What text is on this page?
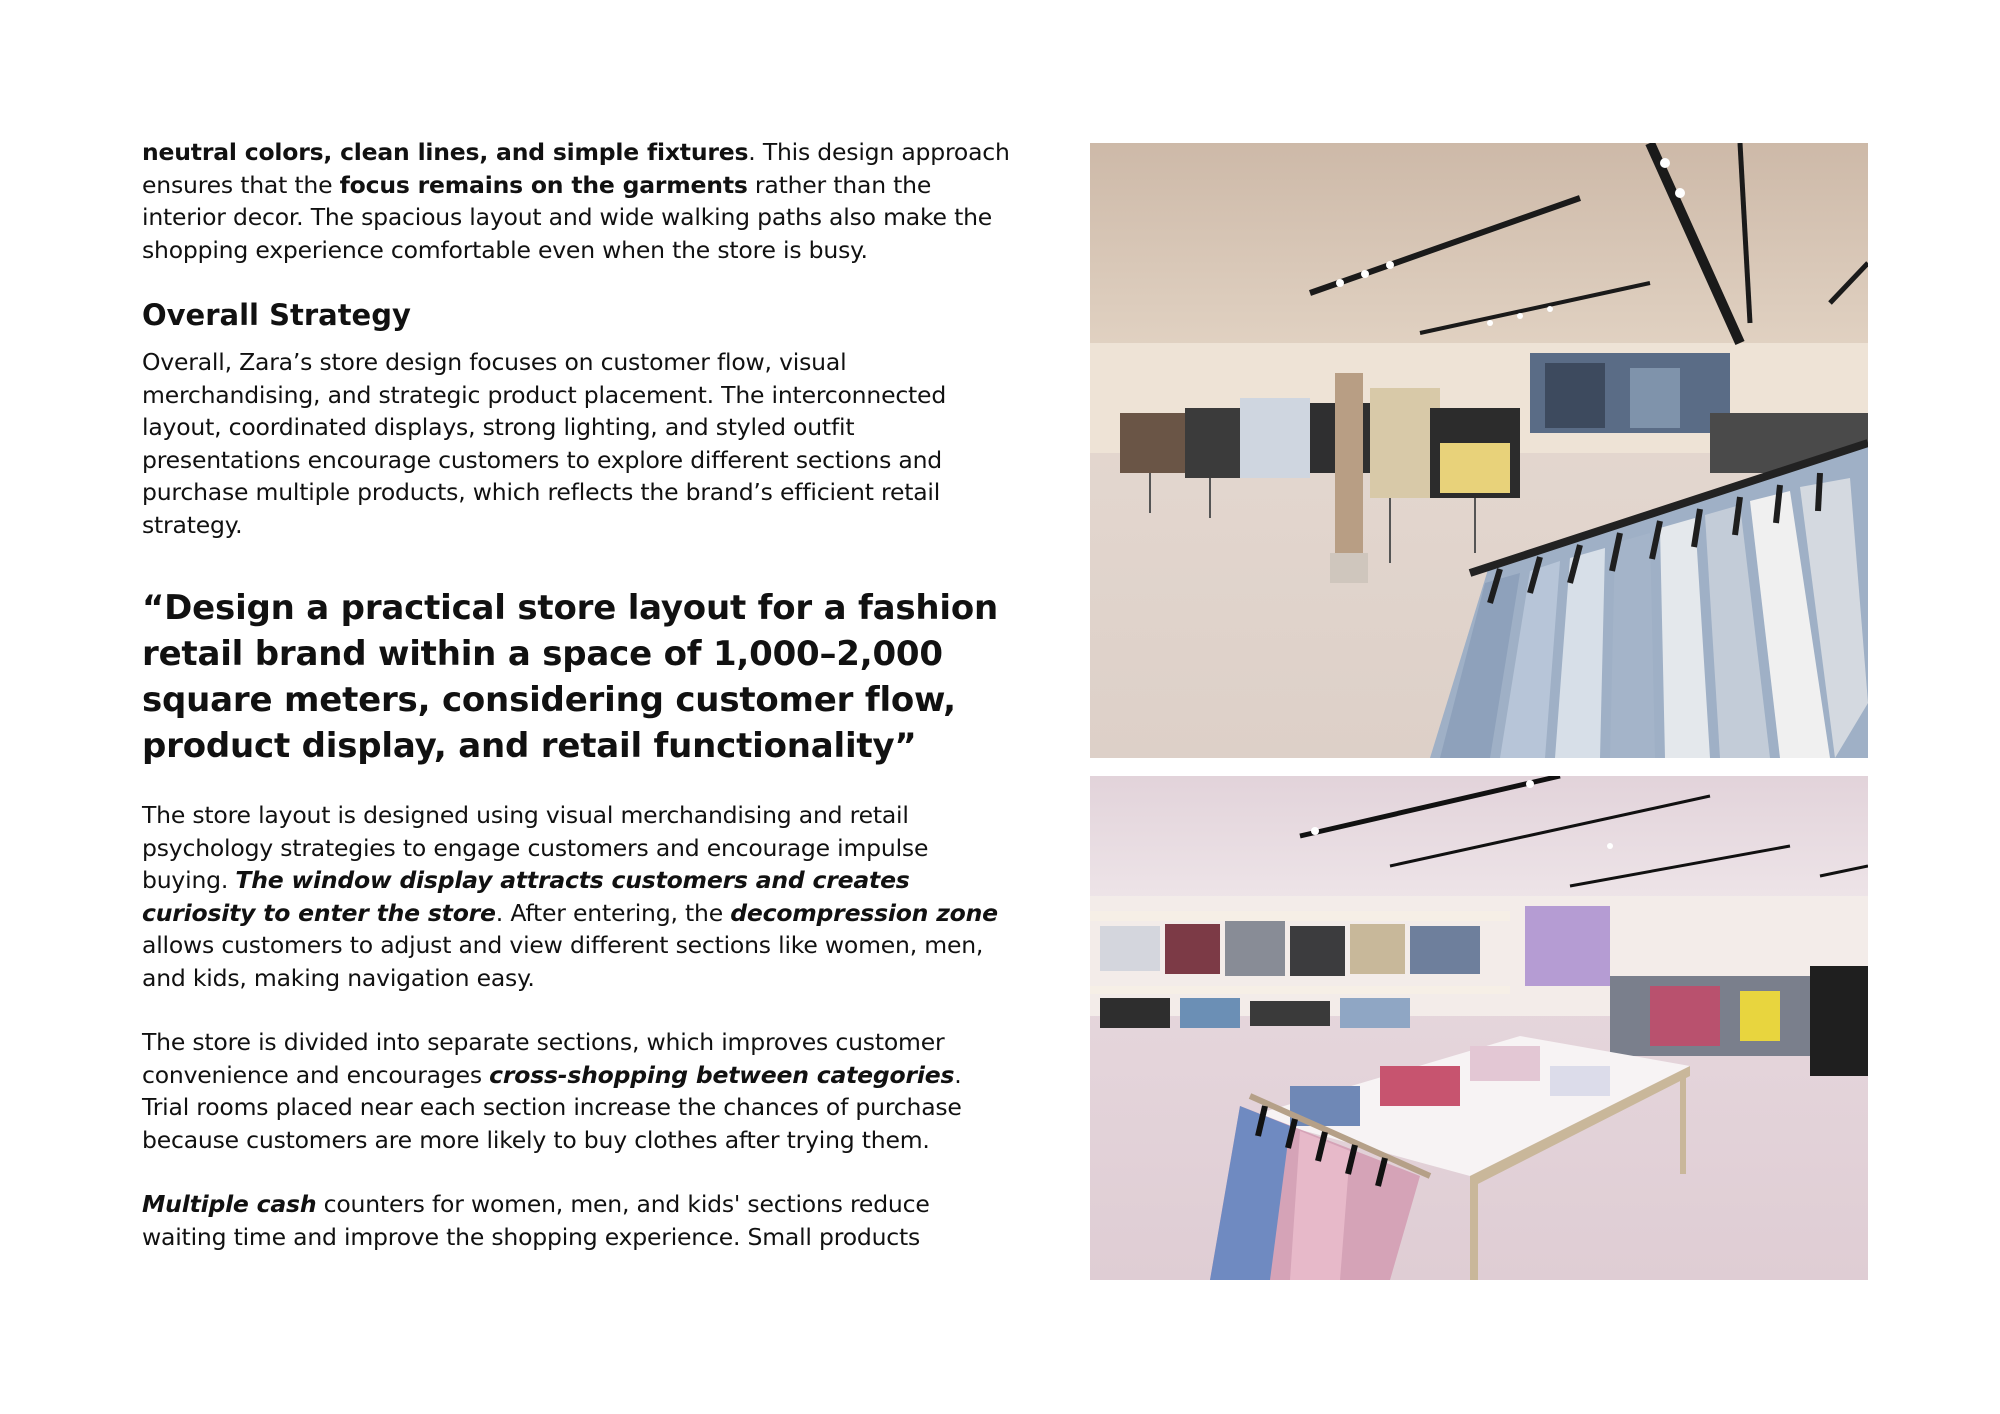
neutral colors, clean lines, and simple fixtures. This design approach ensures that the focus remains on the garments rather than the interior decor. The spacious layout and wide walking paths also make the shopping experience comfortable even when the store is busy.

Overall Strategy

Overall, Zara’s store design focuses on customer flow, visual merchandising, and strategic product placement. The interconnected layout, coordinated displays, strong lighting, and styled outfit presentations encourage customers to explore different sections and purchase multiple products, which reflects the brand’s efficient retail strategy.

“Design a practical store layout for a fashion retail brand within a space of 1,000–2,000 square meters, considering customer flow, product display, and retail functionality”

The store layout is designed using visual merchandising and retail psychology strategies to engage customers and encourage impulse buying. The window display attracts customers and creates curiosity to enter the store. After entering, the decompression zone allows customers to adjust and view different sections like women, men, and kids, making navigation easy.

The store is divided into separate sections, which improves customer convenience and encourages cross-shopping between categories. Trial rooms placed near each section increase the chances of purchase because customers are more likely to buy clothes after trying them.

Multiple cash counters for women, men, and kids' sections reduce waiting time and improve the shopping experience. Small products
